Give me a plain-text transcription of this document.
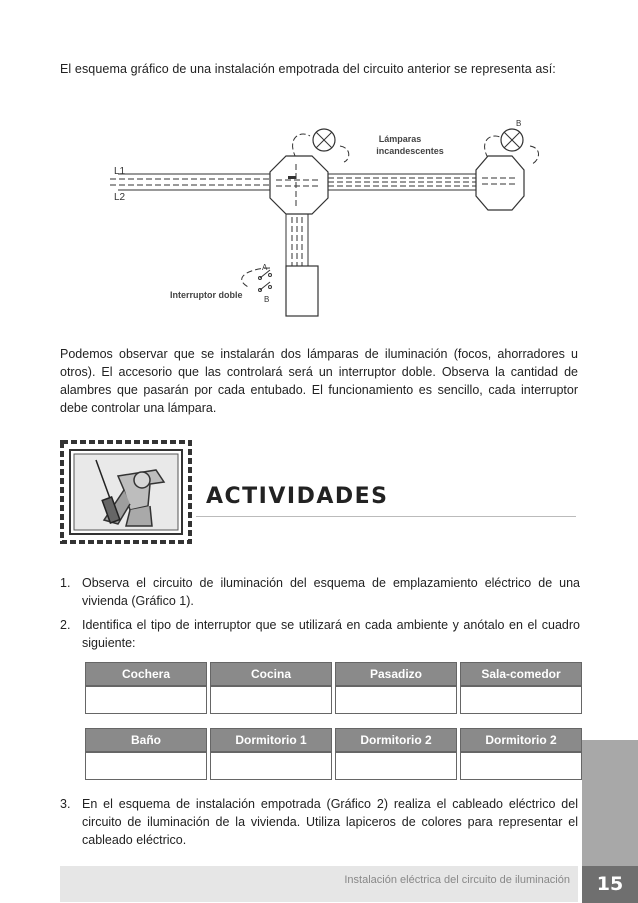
El esquema gráfico de una instalación empotrada del circuito anterior se representa así:
Lámparas
incandescentes
L1
L2
A
B
B
Interruptor doble
Podemos observar que se instalarán dos lámparas de iluminación (focos, ahorradores u otros). El accesorio que las controlará será un interruptor doble. Observa la cantidad de alambres que pasarán por cada entubado. El funcionamiento es sencillo, cada interruptor debe controlar una lámpara.
ACTIVIDADES
1. Observa el circuito de iluminación del esquema de emplazamiento eléctrico de una vivienda (Gráfico 1).
2. Identifica el tipo de interruptor que se utilizará en cada ambiente y anótalo en el cuadro siguiente:
Cochera	Cocina	Pasadizo	Sala-comedor

Baño	Dormitorio 1	Dormitorio 2	Dormitorio 2

3. En el esquema de instalación empotrada (Gráfico 2) realiza el cableado eléctrico del circuito de iluminación de la vivienda. Utiliza lapiceros de colores para representar el cableado eléctrico.
Instalación eléctrica del circuito de iluminación	15
